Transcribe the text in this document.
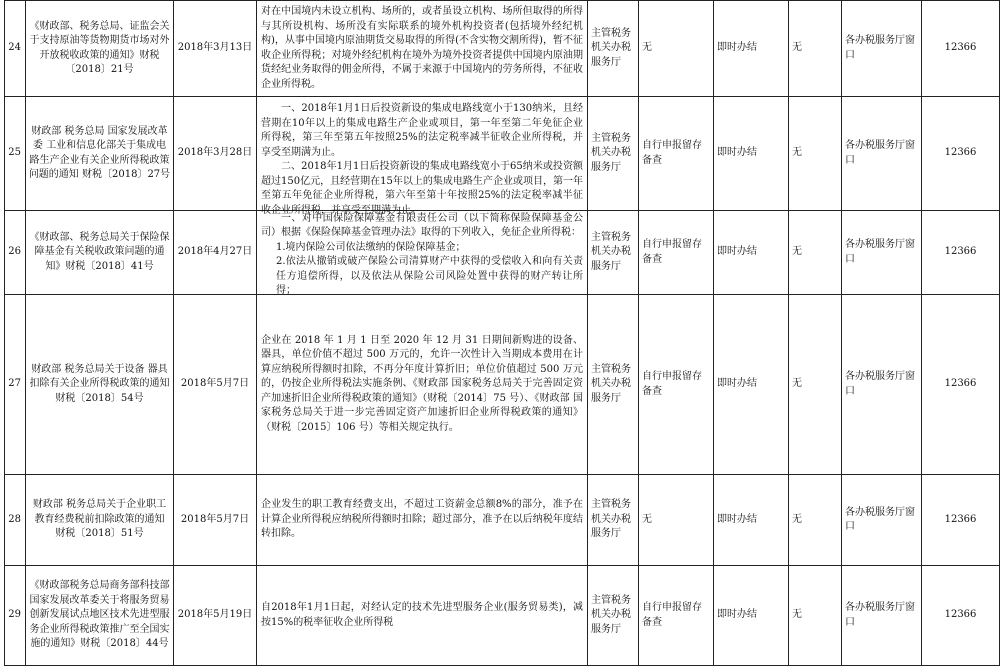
24	《财政部、税务总局、证监会关于支持原油等货物期货市场对外开放税收政策的通知》财税〔2018〕21号	2018年3月13日	对在中国境内未设立机构、场所的，或者虽设立机构、场所但取得的所得与其所设机构、场所没有实际联系的境外机构投资者(包括境外经纪机构)，从事中国境内原油期货交易取得的所得(不含实物交割所得)，暂不征收企业所得税；对境外经纪机构在境外为境外投资者提供中国境内原油期货经纪业务取得的佣金所得，不属于来源于中国境内的劳务所得，不征收企业所得税。	主管税务机关办税服务厅	无	即时办结	无	各办税服务厅窗口	12366
25	财政部 税务总局 国家发展改革委 工业和信息化部关于集成电路生产企业有关企业所得税政策问题的通知 财税〔2018〕27号	2018年3月28日	一、2018年1月1日后投资新设的集成电路线宽小于130纳米，且经营期在10年以上的集成电路生产企业或项目，第一年至第二年免征企业所得税，第三年至第五年按照25%的法定税率减半征收企业所得税，并享受至期满为止。

二、2018年1月1日后投资新设的集成电路线宽小于65纳米或投资额超过150亿元，且经营期在15年以上的集成电路生产企业或项目，第一年至第五年免征企业所得税，第六年至第十年按照25%的法定税率减半征收企业所得税，并享受至期满为止。	主管税务机关办税服务厅	自行申报留存备查	即时办结	无	各办税服务厅窗口	12366
26	《财政部、税务总局关于保险保障基金有关税收政策问题的通知》财税〔2018〕41号	2018年4月27日	一、对中国保险保障基金有限责任公司（以下简称保险保障基金公司）根据《保险保障基金管理办法》取得的下列收入，免征企业所得税：

1.境内保险公司依法缴纳的保险保障基金；

2.依法从撤销或破产保险公司清算财产中获得的受偿收入和向有关责任方追偿所得，以及依法从保险公司风险处置中获得的财产转让所得；	主管税务机关办税服务厅	自行申报留存备查	即时办结	无	各办税服务厅窗口	12366
27	财政部 税务总局关于设备 器具扣除有关企业所得税政策的通知 财税〔2018〕54号	2018年5月7日	企业在 2018 年 1 月 1 日至 2020 年 12 月 31 日期间新购进的设备、器具，单位价值不超过 500 万元的，允许一次性计入当期成本费用在计算应纳税所得额时扣除，不再分年度计算折旧；单位价值超过 500 万元的，仍按企业所得税法实施条例、《财政部 国家税务总局关于完善固定资产加速折旧企业所得税政策的通知》（财税〔2014〕75 号）、《财政部 国家税务总局关于进一步完善固定资产加速折旧企业所得税政策的通知》（财税〔2015〕106 号）等相关规定执行。	主管税务机关办税服务厅	自行申报留存备查	即时办结	无	各办税服务厅窗口	12366
28	财政部 税务总局关于企业职工教育经费税前扣除政策的通知 财税〔2018〕51号	2018年5月7日	企业发生的职工教育经费支出，不超过工资薪金总额8%的部分，准予在计算企业所得税应纳税所得额时扣除；超过部分，准予在以后纳税年度结转扣除。	主管税务机关办税服务厅	无	即时办结	无	各办税服务厅窗口	12366
29	《财政部税务总局商务部科技部国家发展改革委关于将服务贸易创新发展试点地区技术先进型服务企业所得税政策推广至全国实施的通知》财税〔2018〕44号	2018年5月19日	自2018年1月1日起，对经认定的技术先进型服务企业(服务贸易类)，减按15%的税率征收企业所得税	主管税务机关办税服务厅	自行申报留存备查	即时办结	无	各办税服务厅窗口	12366
